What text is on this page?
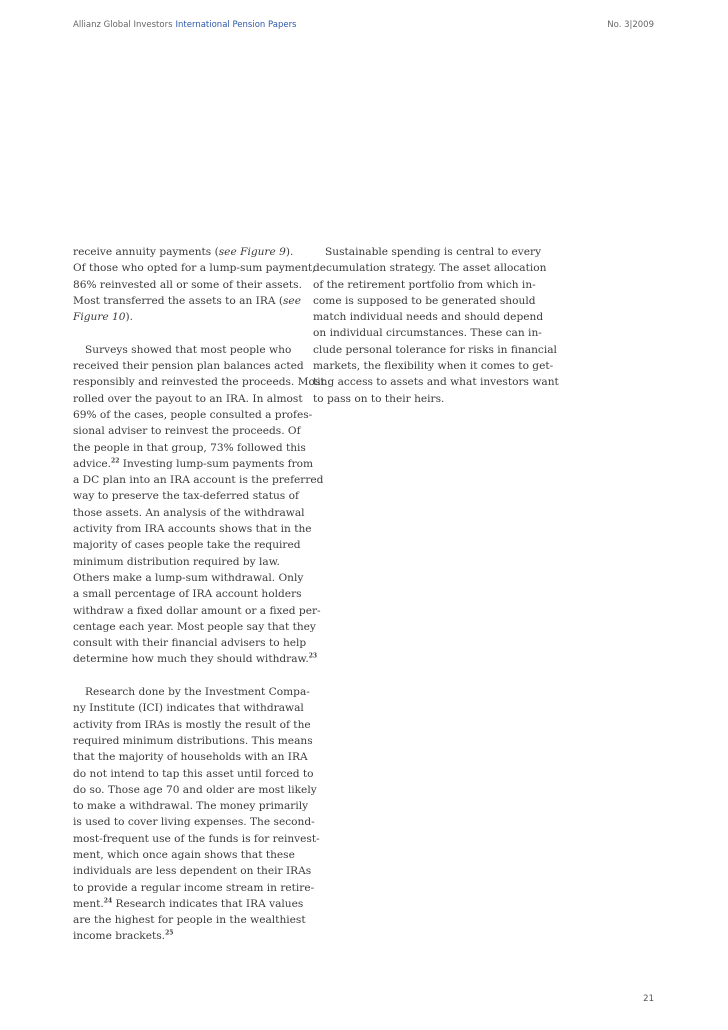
Allianz Global Investors International Pension Papers	No. 3|2009
receive annuity payments (see Figure 9).
Of those who opted for a lump-sum payment,
86% reinvested all or some of their assets.
Most transferred the assets to an IRA (see
Figure 10).
Surveys showed that most people who
received their pension plan balances acted
responsibly and reinvested the proceeds. Most
rolled over the payout to an IRA. In almost
69% of the cases, people consulted a profes-
sional adviser to reinvest the proceeds. Of
the people in that group, 73% followed this
advice.$^{22}$ Investing lump-sum payments from
a DC plan into an IRA account is the preferred
way to preserve the tax-deferred status of
those assets. An analysis of the withdrawal
activity from IRA accounts shows that in the
majority of cases people take the required
minimum distribution required by law.
Others make a lump-sum withdrawal. Only
a small percentage of IRA account holders
withdraw a fixed dollar amount or a fixed per-
centage each year. Most people say that they
consult with their financial advisers to help
determine how much they should withdraw.$^{23}$
Research done by the Investment Compa-
ny Institute (ICI) indicates that withdrawal
activity from IRAs is mostly the result of the
required minimum distributions. This means
that the majority of households with an IRA
do not intend to tap this asset until forced to
do so. Those age 70 and older are most likely
to make a withdrawal. The money primarily
is used to cover living expenses. The second-
most-frequent use of the funds is for reinvest-
ment, which once again shows that these
individuals are less dependent on their IRAs
to provide a regular income stream in retire-
ment.$^{24}$ Research indicates that IRA values
are the highest for people in the wealthiest
income brackets.$^{25}$
Sustainable spending is central to every
decumulation strategy. The asset allocation
of the retirement portfolio from which in-
come is supposed to be generated should
match individual needs and should depend
on individual circumstances. These can in-
clude personal tolerance for risks in financial
markets, the flexibility when it comes to get-
ting access to assets and what investors want
to pass on to their heirs.
21
